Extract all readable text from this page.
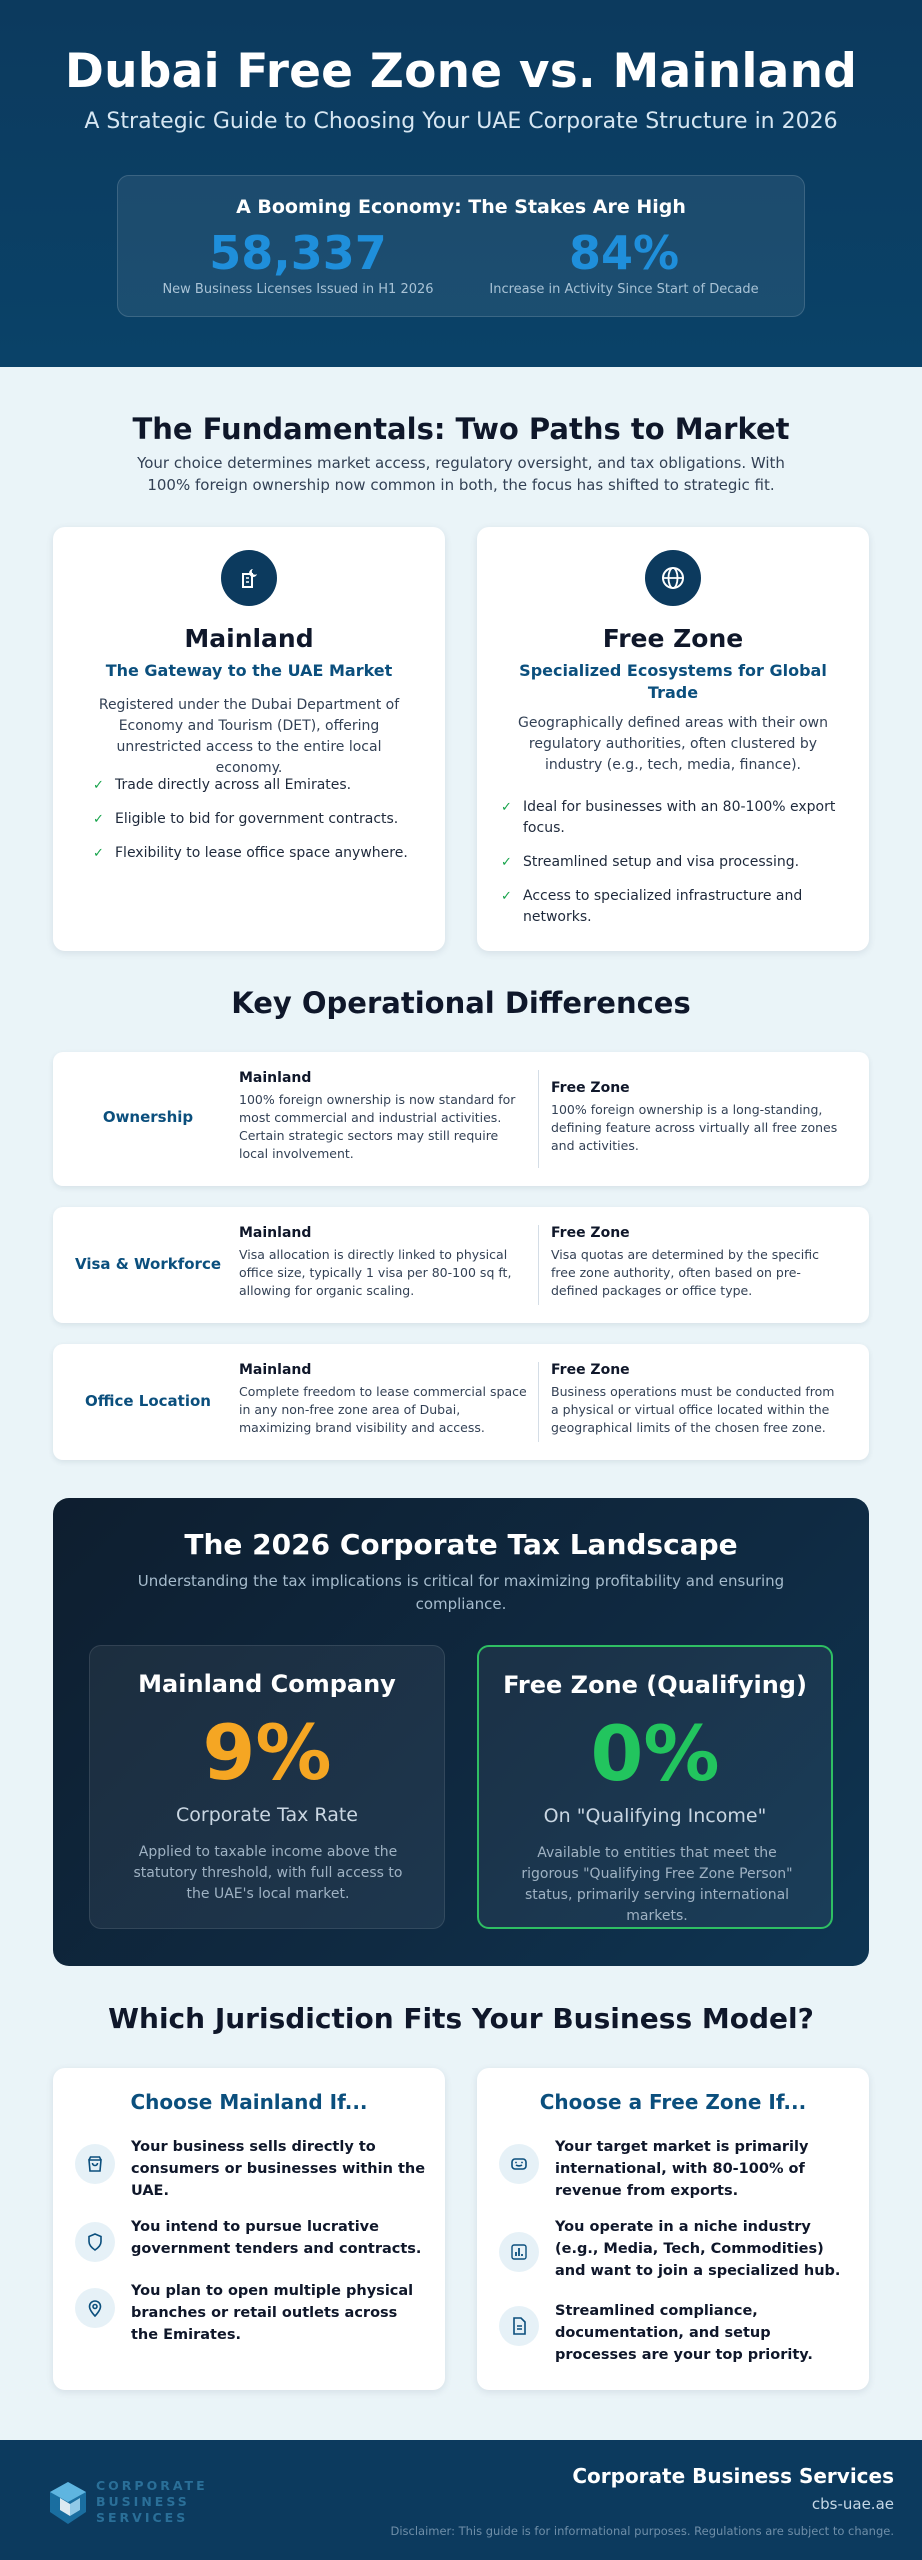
Dubai Free Zone vs. Mainland

A Strategic Guide to Choosing Your UAE Corporate Structure in 2026

A Booming Economy: The Stakes Are High
58,337
New Business Licenses Issued in H1 2026
84%
Increase in Activity Since Start of Decade
The Fundamentals: Two Paths to Market

Your choice determines market access, regulatory oversight, and tax obligations. With 100% foreign ownership now common in both, the focus has shifted to strategic fit.

Mainland
The Gateway to the UAE Market

Registered under the Dubai Department of Economy and Tourism (DET), offering unrestricted access to the entire local economy.

✓ Trade directly across all Emirates.
✓ Eligible to bid for government contracts.
✓ Flexibility to lease office space anywhere.
Free Zone
Specialized Ecosystems for Global Trade

Geographically defined areas with their own regulatory authorities, often clustered by industry (e.g., tech, media, finance).

✓ Ideal for businesses with an 80-100% export focus.
✓ Streamlined setup and visa processing.
✓ Access to specialized infrastructure and networks.
Key Operational Differences
Ownership
Mainland
100% foreign ownership is now standard for most commercial and industrial activities. Certain strategic sectors may still require local involvement.
Free Zone
100% foreign ownership is a long-standing, defining feature across virtually all free zones and activities.
Visa & Workforce
Mainland
Visa allocation is directly linked to physical office size, typically 1 visa per 80-100 sq ft, allowing for organic scaling.
Free Zone
Visa quotas are determined by the specific free zone authority, often based on pre-defined packages or office type.
Office Location
Mainland
Complete freedom to lease commercial space in any non-free zone area of Dubai, maximizing brand visibility and access.
Free Zone
Business operations must be conducted from a physical or virtual office located within the geographical limits of the chosen free zone.
The 2026 Corporate Tax Landscape

Understanding the tax implications is critical for maximizing profitability and ensuring compliance.

Mainland Company
9%
Corporate Tax Rate

Applied to taxable income above the statutory threshold, with full access to the UAE's local market.

Free Zone (Qualifying)
0%
On "Qualifying Income"

Available to entities that meet the rigorous "Qualifying Free Zone Person" status, primarily serving international markets.

Which Jurisdiction Fits Your Business Model?
Choose Mainland If...
Your business sells directly to consumers or businesses within the UAE.
You intend to pursue lucrative government tenders and contracts.
You plan to open multiple physical branches or retail outlets across the Emirates.
Choose a Free Zone If...
Your target market is primarily international, with 80-100% of revenue from exports.
You operate in a niche industry (e.g., Media, Tech, Commodities) and want to join a specialized hub.
Streamlined compliance, documentation, and setup processes are your top priority.
CORPORATE
BUSINESS
SERVICES
Corporate Business Services
cbs-uae.ae
Disclaimer: This guide is for informational purposes. Regulations are subject to change.
